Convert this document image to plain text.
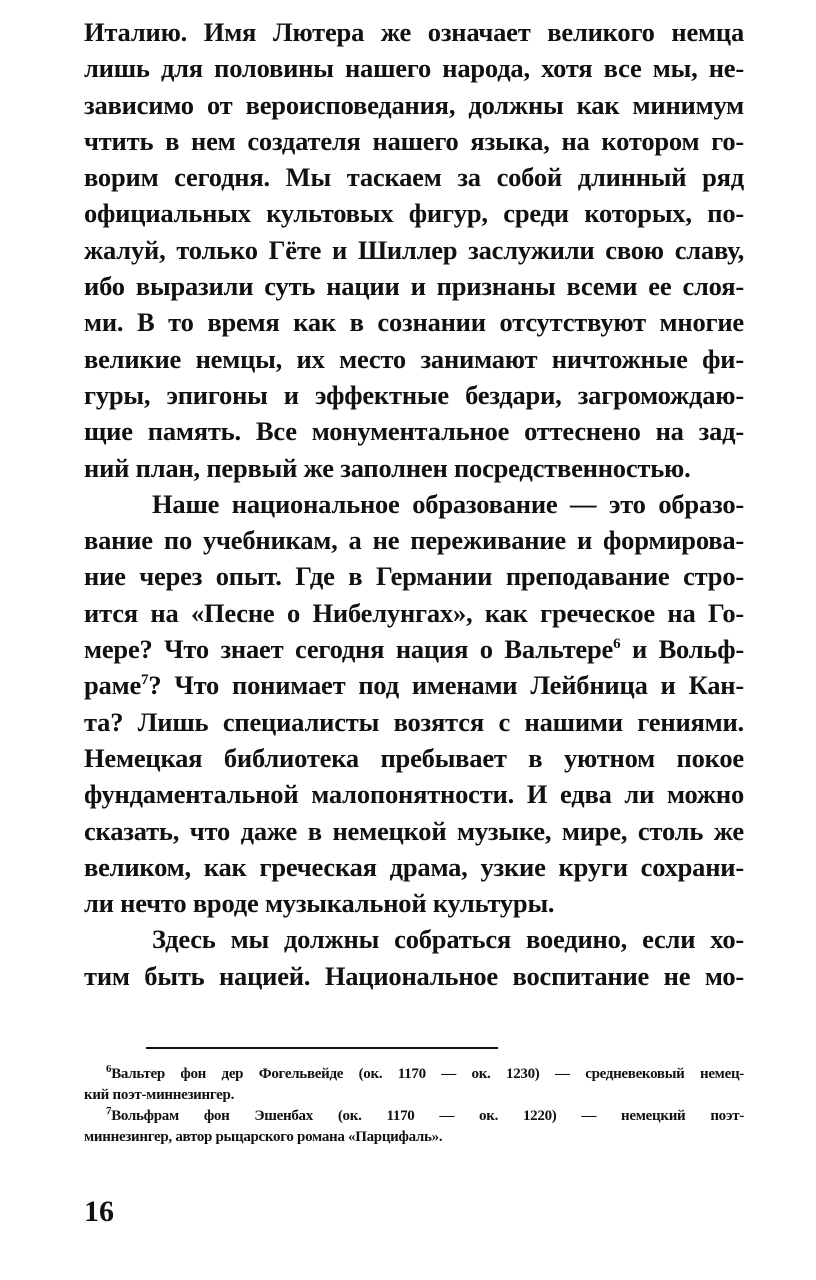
Италию. Имя Лютера же означает великого немца
лишь для половины нашего народа, хотя все мы, не-
зависимо от вероисповедания, должны как минимум
чтить в нем создателя нашего языка, на котором го-
ворим сегодня. Мы таскаем за собой длинный ряд
официальных культовых фигур, среди которых, по-
жалуй, только Гёте и Шиллер заслужили свою славу,
ибо выразили суть нации и признаны всеми ее слоя-
ми. В то время как в сознании отсутствуют многие
великие немцы, их место занимают ничтожные фи-
гуры, эпигоны и эффектные бездари, загромождаю-
щие память. Все монументальное оттеснено на зад-
ний план, первый же заполнен посредственностью.
Наше национальное образование — это образо-
вание по учебникам, а не переживание и формирова-
ние через опыт. Где в Германии преподавание стро-
ится на «Песне о Нибелунгах», как греческое на Го-
мере? Что знает сегодня нация о Вальтере$^6$ и Вольф-
раме$^7$? Что понимает под именами Лейбница и Кан-
та? Лишь специалисты возятся с нашими гениями.
Немецкая библиотека пребывает в уютном покое
фундаментальной малопонятности. И едва ли можно
сказать, что даже в немецкой музыке, мире, столь же
великом, как греческая драма, узкие круги сохрани-
ли нечто вроде музыкальной культуры.
Здесь мы должны собраться воедино, если хо-
тим быть нацией. Национальное воспитание не мо-
$^6$Вальтер фон дер Фогельвейде (ок. 1170 — ок. 1230) — средневековый немец-
кий поэт-миннезингер.
$^7$Вольфрам фон Эшенбах (ок. 1170 — ок. 1220) — немецкий поэт-
миннезингер, автор рыцарского романа «Парцифаль».
16
